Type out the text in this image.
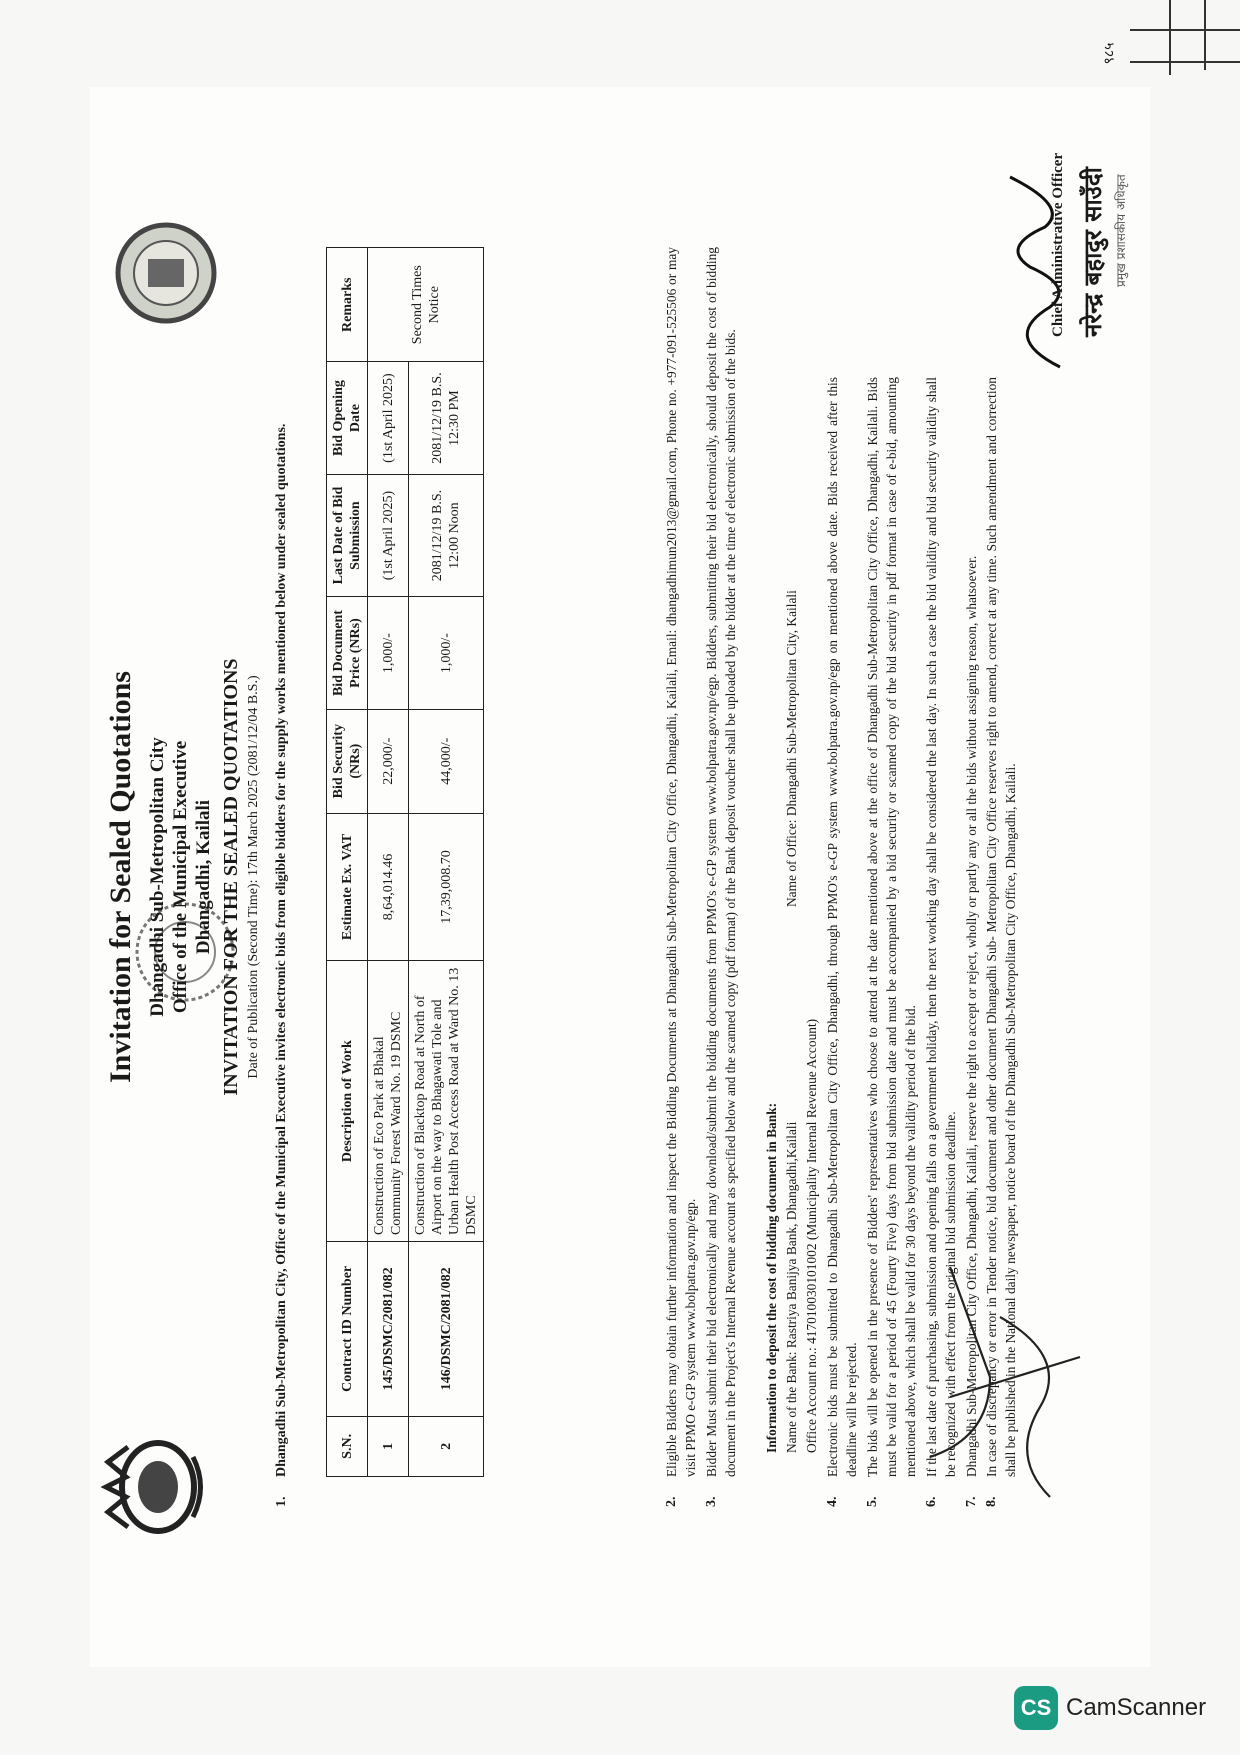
९८५
Invitation for Sealed Quotations Dhangadhi Sub-Metropolitan City Office of the Municipal Executive Dhangadhi, Kailali INVITATION FOR THE SEALED QUOTATIONS Date of Publication (Second Time): 17th March 2025 (2081/12/04 B.S.)
1.
Dhangadhi Sub-Metropolitan City, Office of the Municipal Executive invites electronic bids from eligible bidders for the supply works mentioned below under sealed quotations.	S.N.	Contract ID Number	Description of Work	Estimate Ex. VAT	Bid Security (NRs)	Bid Document Price (NRs)	Last Date of Bid Submission	Bid Opening Date	Remarks
1	145/DSMC/2081/082	Construction of Eco Park at Bhakal Community Forest Ward No. 19 DSMC	8,64,014.46	22,000/-	1,000/-	(1st April 2025)	(1st April 2025)	Second Times Notice
2	146/DSMC/2081/082	Construction of Blacktop Road at North of Airport on the way to Bhagawati Tole and Urban Health Post Access Road at Ward No. 13 DSMC	17,39,008.70	44,000/-	1,000/-	2081/12/19 B.S. 12:00 Noon	2081/12/19 B.S. 12:30 PM	
2.
Eligible Bidders may obtain further information and inspect the Bidding Documents at Dhangadhi Sub-Metropolitan City Office, Dhangadhi, Kailali, Email: dhangadhimun2013@gmail.com, Phone no. +977-091-525506 or may visit PPMO e-GP system www.bolpatra.gov.np/egp.
3.
Bidder Must submit their bid electronically and may download/submit the bidding documents from PPMO's e-GP system www.bolpatra.gov.np/egp. Bidders, submitting their bid electronically, should deposit the cost of bidding document in the Project's Internal Revenue account as specified below and the scanned copy (pdf format) of the Bank deposit voucher shall be uploaded by the bidder at the time of electronic submission of the bids. Information to deposit the cost of bidding document in Bank: Name of the Bank: Rastriya Banijya Bank, Dhangadhi,Kailali
Name of Office: Dhangadhi Sub-Metropolitan City, Kailali
Office Account no.: 417010030101002 (Municipality Internal Revenue Account)
4.
Electronic bids must be submitted to Dhangadhi Sub-Metropolitan City Office, Dhangadhi, through PPMO's e-GP system www.bolpatra.gov.np/egp on mentioned above date. Bids received after this deadline will be rejected.
5.
The bids will be opened in the presence of Bidders' representatives who choose to attend at the date mentioned above at the office of Dhangadhi Sub-Metropolitan City Office, Dhangadhi, Kailali. Bids must be valid for a period of 45 (Fourty Five) days from bid submission date and must be accompanied by a bid security or scanned copy of the bid security in pdf format in case of e-bid, amounting mentioned above, which shall be valid for 30 days beyond the validity period of the bid.
6.
If the last date of purchasing, submission and opening falls on a government holiday, then the next working day shall be considered the last day. In such a case the bid validity and bid security validity shall be recognized with effect from the original bid submission deadline.
7.
Dhangadhi Sub-Metropolitan City Office, Dhangadhi, Kailali, reserve the right to accept or reject, wholly or partly any or all the bids without assigning reason, whatsoever.
8.
In case of discrepancy or error in Tender notice, bid document and other document Dhangadhi Sub- Metropolitan City Office reserves right to amend, correct at any time. Such amendment and correction shall be published in the National daily newspaper, notice board of the Dhangadhi Sub-Metropolitan City Office, Dhangadhi, Kailali.
Chief Administrative Officer नरेन्द्र बहादुर साउँदी प्रमुख प्रशासकीय अधिकृत
CS CamScanner
